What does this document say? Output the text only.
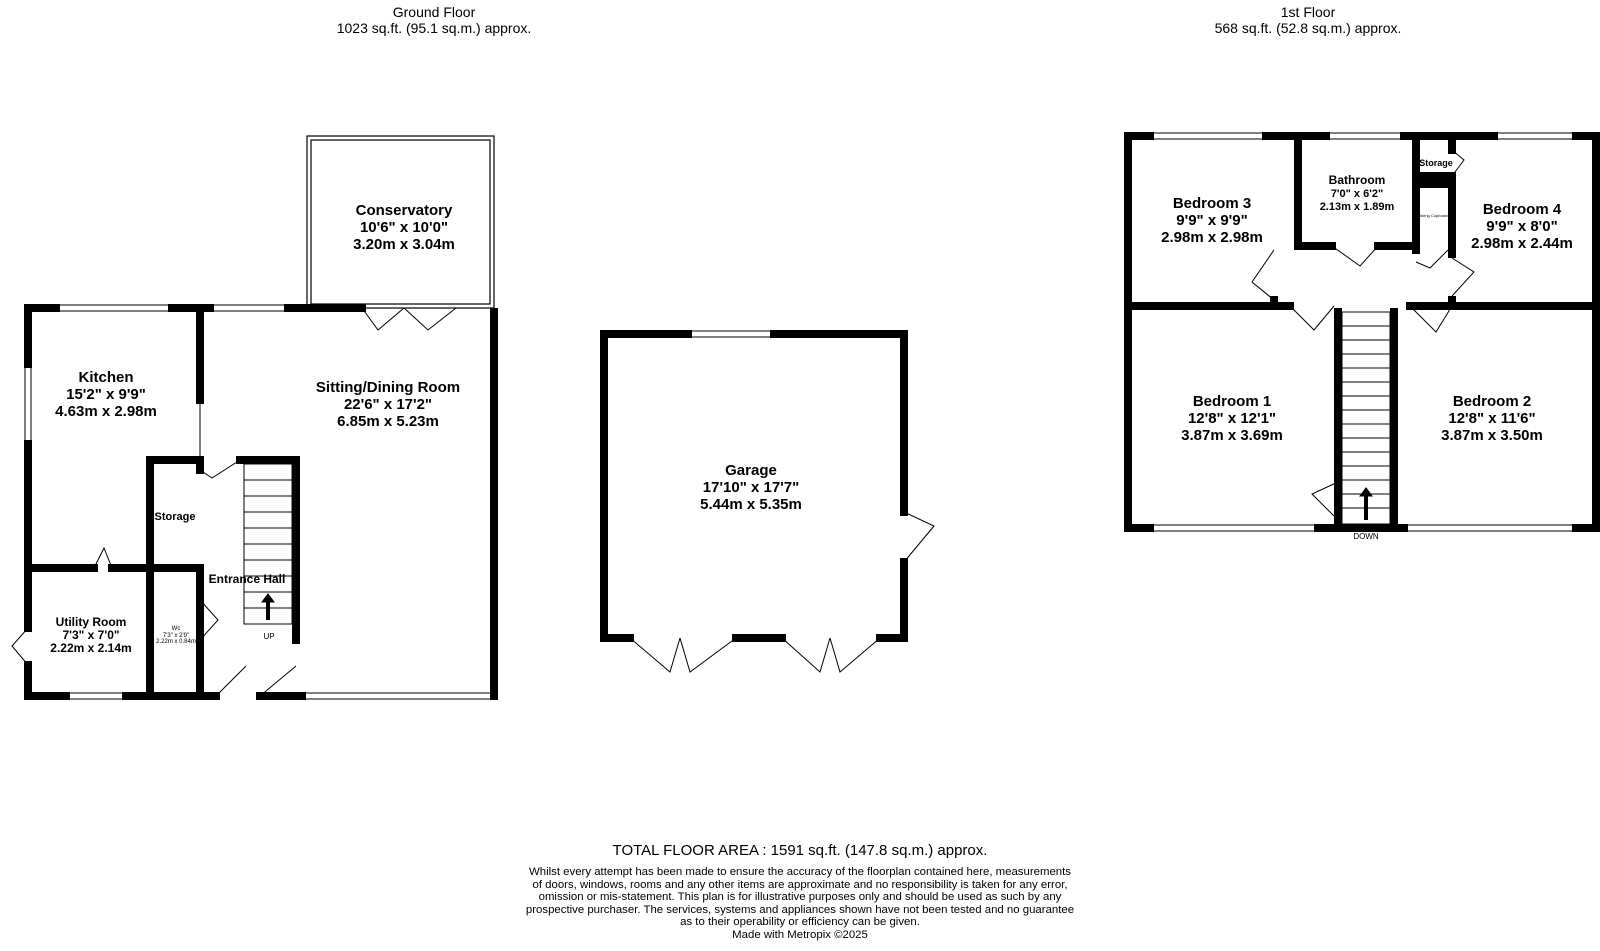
Ground Floor
1023 sq.ft. (95.1 sq.m.) approx.
1st Floor
568 sq.ft. (52.8 sq.m.) approx.
Conservatory
10'6" x 10'0"
3.20m x 3.04m
Kitchen
15'2" x 9'9"
4.63m x 2.98m
Sitting/Dining Room
22'6" x 17'2"
6.85m x 5.23m
Storage
Entrance Hall
Utility Room
7'3" x 7'0"
2.22m x 2.14m
Wc
7'3" x 2'9"
2.22m x 0.84m
UP
Garage
17'10" x 17'7"
5.44m x 5.35m
Bedroom 3
9'9" x 9'9"
2.98m x 2.98m
Bathroom
7'0" x 6'2"
2.13m x 1.89m
Storage
Airing Cupboard Bedroom 4
9'9" x 8'0"
2.98m x 2.44m
Bedroom 1
12'8" x 12'1"
3.87m x 3.69m
Bedroom 2
12'8" x 11'6"
3.87m x 3.50m
DOWN
TOTAL FLOOR AREA : 1591 sq.ft. (147.8 sq.m.) approx.
Whilst every attempt has been made to ensure the accuracy of the floorplan contained here, measurements
of doors, windows, rooms and any other items are approximate and no responsibility is taken for any error,
omission or mis-statement. This plan is for illustrative purposes only and should be used as such by any
prospective purchaser. The services, systems and appliances shown have not been tested and no guarantee
as to their operability or efficiency can be given.
Made with Metropix ©2025
